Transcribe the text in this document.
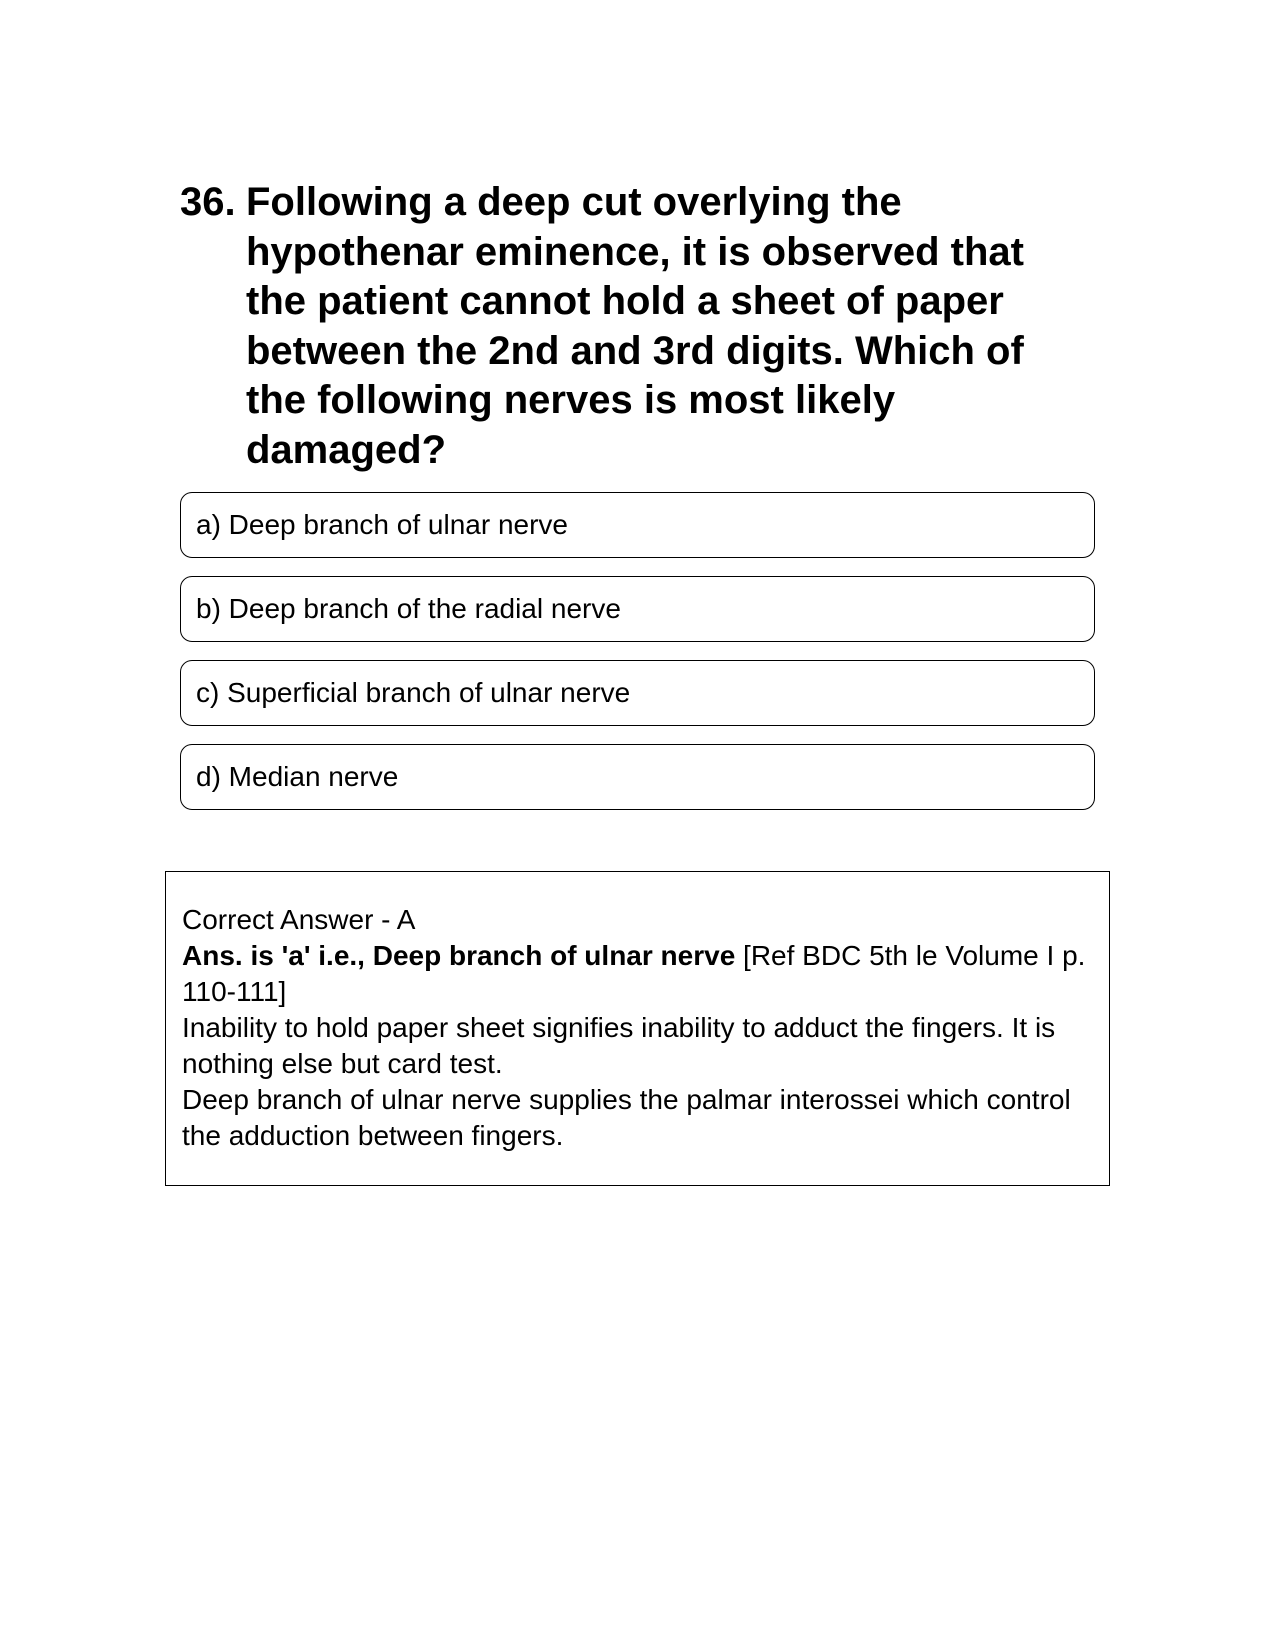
36. Following a deep cut overlying the hypothenar eminence, it is observed that the patient cannot hold a sheet of paper between the 2nd and 3rd digits. Which of the following nerves is most likely damaged?
a) Deep branch of ulnar nerve
b) Deep branch of the radial nerve
c) Superficial branch of ulnar nerve
d) Median nerve

Correct Answer - A

Ans. is 'a' i.e., Deep branch of ulnar nerve [Ref BDC 5th le Volume I p. 110-111]

Inability to hold paper sheet signifies inability to adduct the fingers. It is nothing else but card test.

Deep branch of ulnar nerve supplies the palmar interossei which control the adduction between fingers.
